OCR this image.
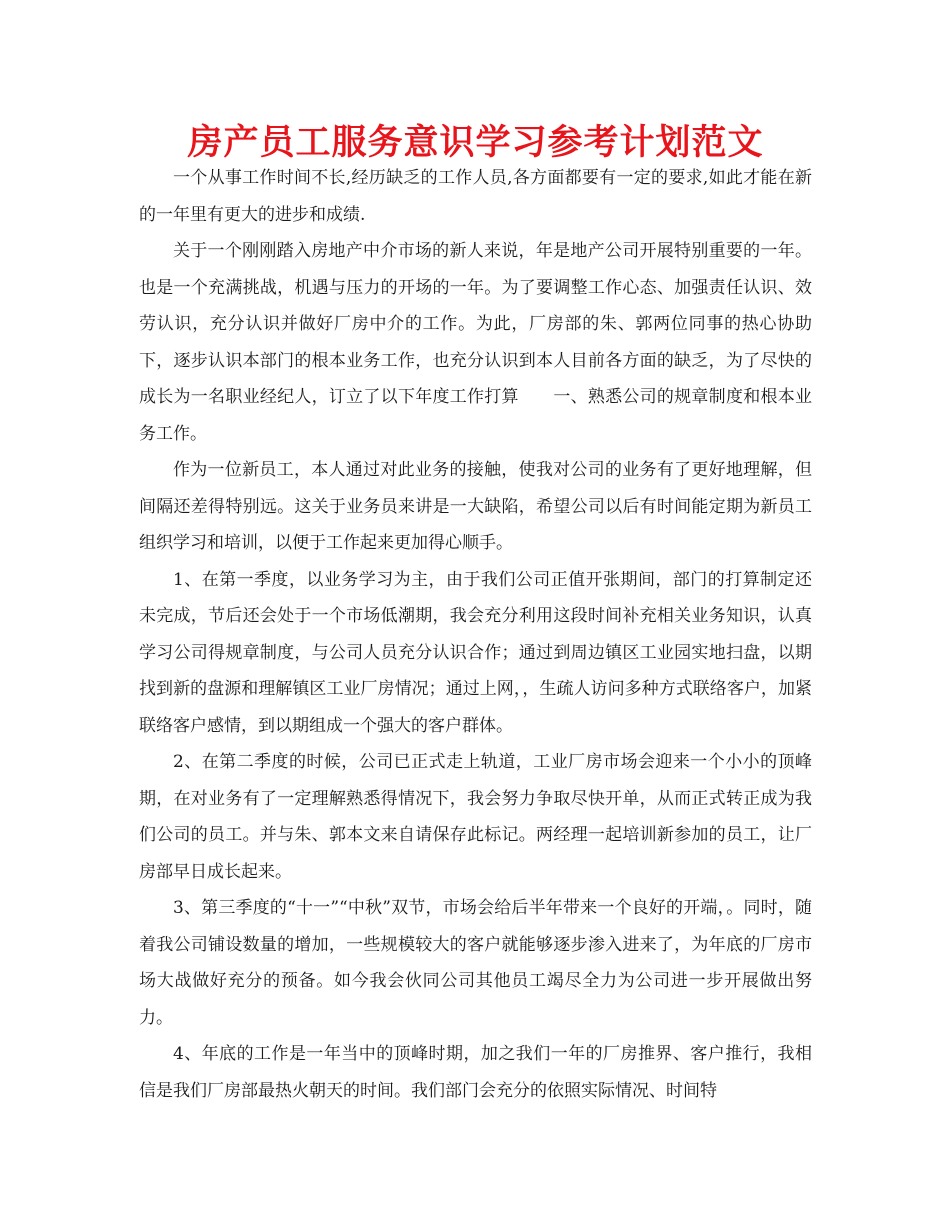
房产员工服务意识学习参考计划范文

一个从事工作时间不长,经历缺乏的工作人员,各方面都要有一定的要求,如此才能在新的一年里有更大的进步和成绩.

关于一个刚刚踏入房地产中介市场的新人来说，年是地产公司开展特别重要的一年。也是一个充满挑战，机遇与压力的开场的一年。为了要调整工作心态、加强责任认识、效劳认识，充分认识并做好厂房中介的工作。为此，厂房部的朱、郭两位同事的热心协助下，逐步认识本部门的根本业务工作，也充分认识到本人目前各方面的缺乏，为了尽快的成长为一名职业经纪人，订立了以下年度工作打算　　一、熟悉公司的规章制度和根本业务工作。

作为一位新员工，本人通过对此业务的接触，使我对公司的业务有了更好地理解，但间隔还差得特别远。这关于业务员来讲是一大缺陷，希望公司以后有时间能定期为新员工组织学习和培训，以便于工作起来更加得心顺手。

1、在第一季度，以业务学习为主，由于我们公司正值开张期间，部门的打算制定还未完成，节后还会处于一个市场低潮期，我会充分利用这段时间补充相关业务知识，认真学习公司得规章制度，与公司人员充分认识合作；通过到周边镇区工业园实地扫盘，以期找到新的盘源和理解镇区工业厂房情况；通过上网，，生疏人访问多种方式联络客户，加紧联络客户感情，到以期组成一个强大的客户群体。

2、在第二季度的时候，公司已正式走上轨道，工业厂房市场会迎来一个小小的顶峰期，在对业务有了一定理解熟悉得情况下，我会努力争取尽快开单，从而正式转正成为我们公司的员工。并与朱、郭本文来自请保存此标记。两经理一起培训新参加的员工，让厂房部早日成长起来。

3、第三季度的“十一”“中秋”双节，市场会给后半年带来一个良好的开端，。同时，随着我公司铺设数量的增加，一些规模较大的客户就能够逐步渗入进来了，为年底的厂房市场大战做好充分的预备。如今我会伙同公司其他员工竭尽全力为公司进一步开展做出努力。

4、年底的工作是一年当中的顶峰时期，加之我们一年的厂房推界、客户推行，我相信是我们厂房部最热火朝天的时间。我们部门会充分的依照实际情况、时间特
